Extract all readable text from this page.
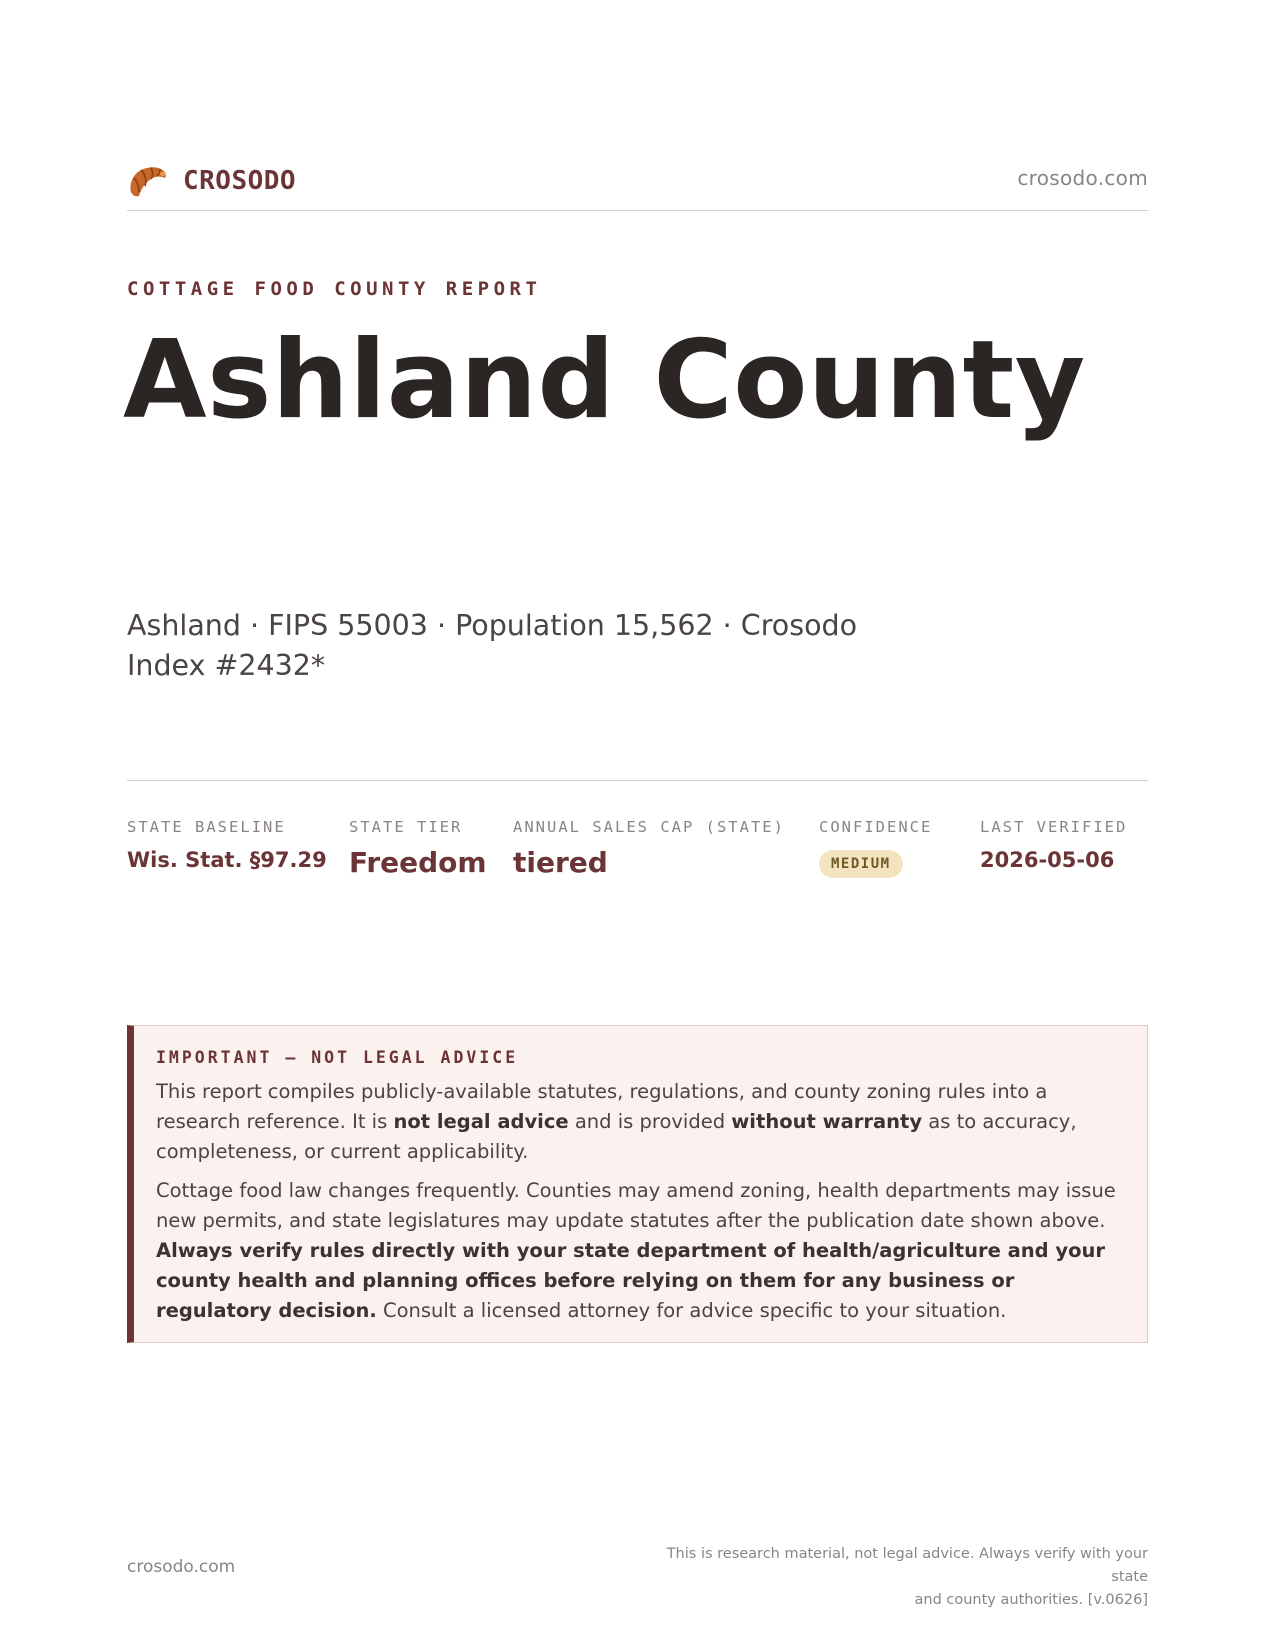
CROSODO	crosodo.com
COTTAGE FOOD COUNTY REPORT
Ashland County
Ashland · FIPS 55003 · Population 15,562 · Crosodo Index #2432*
STATE BASELINE
Wis. Stat. §97.29
STATE TIER
Freedom
ANNUAL SALES CAP (STATE)
tiered
CONFIDENCE
MEDIUM
LAST VERIFIED
2026-05-06
IMPORTANT — NOT LEGAL ADVICE

This report compiles publicly-available statutes, regulations, and county zoning rules into a research reference. It is not legal advice and is provided without warranty as to accuracy, completeness, or current applicability.

Cottage food law changes frequently. Counties may amend zoning, health departments may issue new permits, and state legislatures may update statutes after the publication date shown above. Always verify rules directly with your state department of health/agriculture and your county health and planning offices before relying on them for any business or regulatory decision. Consult a licensed attorney for advice specific to your situation.

crosodo.com
This is research material, not legal advice. Always verify with your state
and county authorities. [v.0626]
